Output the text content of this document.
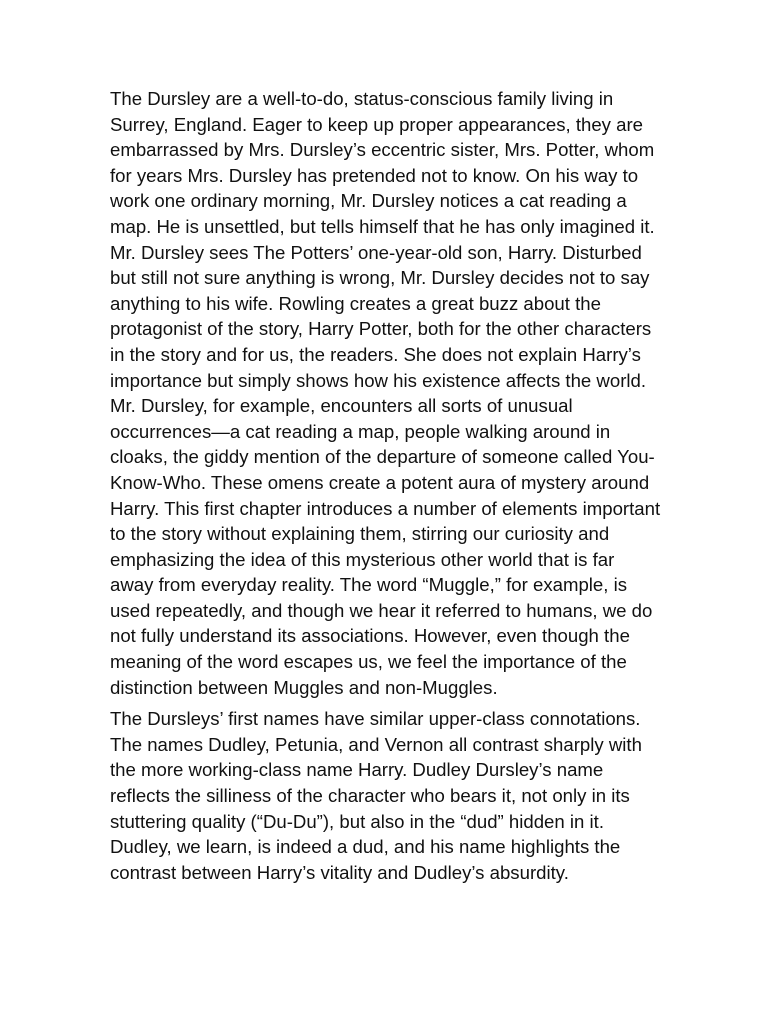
The Dursley are a well-to-do, status-conscious family living in Surrey, England. Eager to keep up proper appearances, they are embarrassed by Mrs. Dursley’s eccentric sister, Mrs. Potter, whom for years Mrs. Dursley has pretended not to know. On his way to work one ordinary morning, Mr. Dursley notices a cat reading a map. He is unsettled, but tells himself that he has only imagined it. Mr. Dursley sees The Potters’ one-year-old son, Harry. Disturbed but still not sure anything is wrong, Mr. Dursley decides not to say anything to his wife. Rowling creates a great buzz about the protagonist of the story, Harry Potter, both for the other characters in the story and for us, the readers. She does not explain Harry’s importance but simply shows how his existence affects the world. Mr. Dursley, for example, encounters all sorts of unusual occurrences—a cat reading a map, people walking around in cloaks, the giddy mention of the departure of someone called You-Know-Who. These omens create a potent aura of mystery around Harry. This first chapter introduces a number of elements important to the story without explaining them, stirring our curiosity and emphasizing the idea of this mysterious other world that is far away from everyday reality. The word “Muggle,” for example, is used repeatedly, and though we hear it referred to humans, we do not fully understand its associations. However, even though the meaning of the word escapes us, we feel the importance of the distinction between Muggles and non-Muggles.

The Dursleys’ first names have similar upper-class connotations. The names Dudley, Petunia, and Vernon all contrast sharply with the more working-class name Harry. Dudley Dursley’s name reflects the silliness of the character who bears it, not only in its stuttering quality (“Du-Du”), but also in the “dud” hidden in it. Dudley, we learn, is indeed a dud, and his name highlights the contrast between Harry’s vitality and Dudley’s absurdity.
